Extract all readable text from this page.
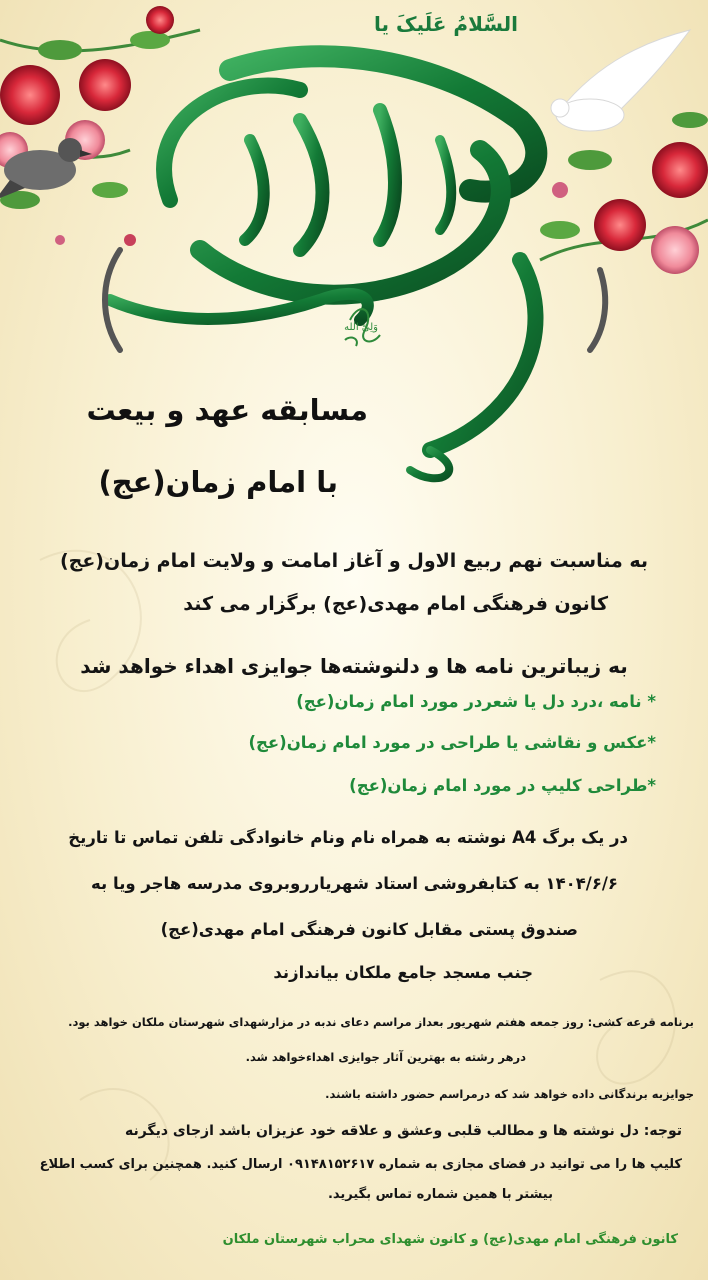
السَّلامُ عَلَيکَ يا
وَلِیّ الله
مسابقه عهد و بیعت
با امام زمان(عج)
به مناسبت نهم ربیع الاول و آغاز امامت و ولایت امام زمان(عج)
کانون فرهنگی امام مهدی(عج) برگزار می کند
به زیباترین نامه ها و دلنوشته‌ها جوایزی اهداء خواهد شد
* نامه ،درد دل یا شعردر مورد امام زمان(عج)
*عکس و نقاشی یا طراحی در مورد امام زمان(عج)
*طراحی کلیپ در مورد امام زمان(عج)
در یک برگ A4 نوشته به همراه نام ونام خانوادگی تلفن تماس تا تاریخ
۱۴۰۴/۶/۶ به کتابفروشی استاد شهریارروبروی مدرسه هاجر ویا به
صندوق پستی مقابل کانون فرهنگی امام مهدی(عج)
جنب مسجد جامع ملکان بیاندازند
برنامه قرعه کشی: روز جمعه هفتم شهریور بعداز مراسم دعای ندبه در مزارشهدای شهرستان ملکان خواهد بود.
درهر رشته به بهترین آثار جوایزی اهداءخواهد شد.
جوایزبه برندگانی داده خواهد شد که درمراسم حضور داشته باشند.
توجه: دل نوشته ها و مطالب قلبی وعشق و علاقه خود عزیزان باشد ازجای دیگرنه
کلیپ ها را می توانید در فضای مجازی به شماره ۰۹۱۴۸۱۵۲۶۱۷ ارسال کنید. همچنین برای کسب اطلاع
بیشتر با همین شماره تماس بگیرید.
کانون فرهنگی امام مهدی(عج) و کانون شهدای محراب شهرستان ملکان
